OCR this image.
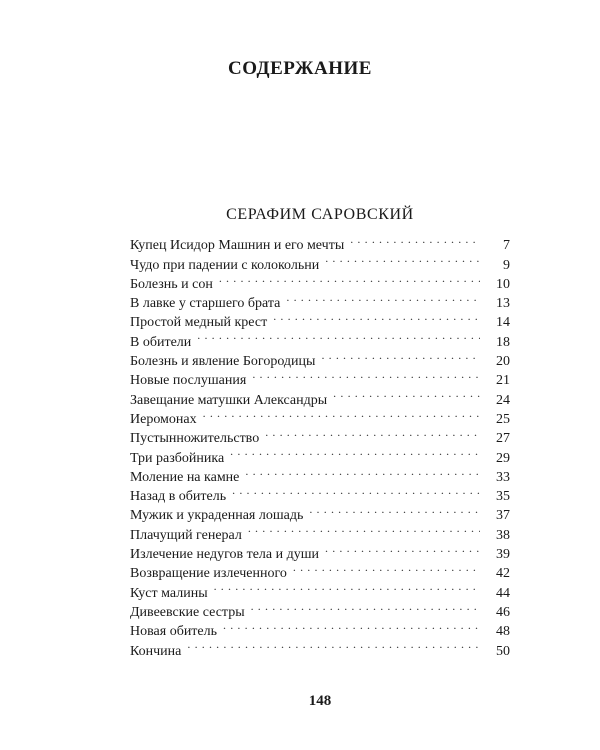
СОДЕРЖАНИЕ
СЕРАФИМ САРОВСКИЙ
Купец Исидор Машнин и его мечты . . .	7
Чудо при падении с колокольни . . .	9
Болезнь и сон . . .	10
В лавке у старшего брата . . .	13
Простой медный крест . . .	14
В обители . . .	18
Болезнь и явление Богородицы . . .	20
Новые послушания . . .	21
Завещание матушки Александры . . .	24
Иеромонах . . .	25
Пустынножительство . . .	27
Три разбойника . . .	29
Моление на камне . . .	33
Назад в обитель . . .	35
Мужик и украденная лошадь . . .	37
Плачущий генерал . . .	38
Излечение недугов тела и души . . .	39
Возвращение излеченного . . .	42
Куст малины . . .	44
Дивеевские сестры . . .	46
Новая обитель . . .	48
Кончина . . .	50
148
